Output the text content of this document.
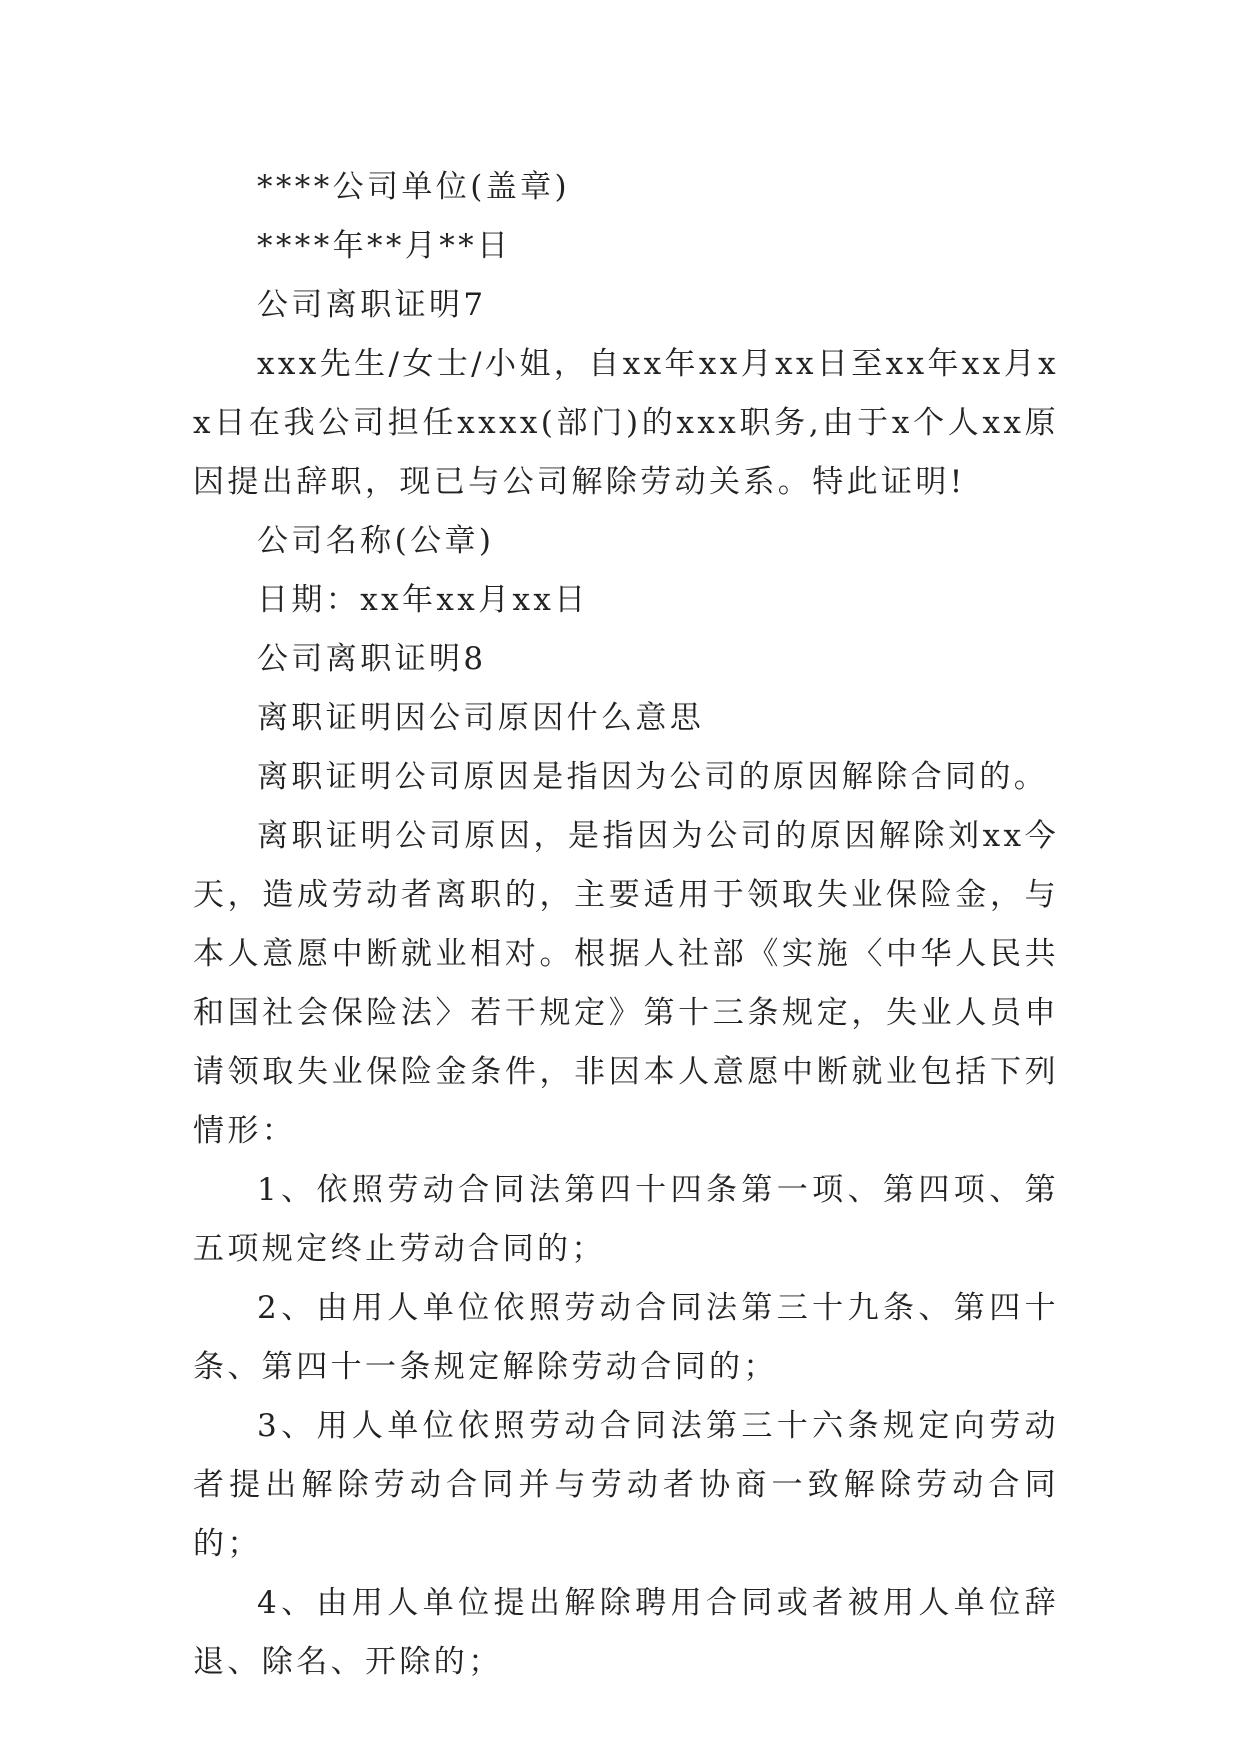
****公司单位(盖章)

****年**月**日

公司离职证明7

xxx先生/女士/小姐，自xx年xx月xx日至xx年xx月xx日在我公司担任xxxx(部门)的xxx职务,由于x个人xx原因提出辞职，现已与公司解除劳动关系。特此证明!

公司名称(公章)

日期：xx年xx月xx日

公司离职证明8

离职证明因公司原因什么意思

离职证明公司原因是指因为公司的原因解除合同的。

离职证明公司原因，是指因为公司的原因解除刘xx今天，造成劳动者离职的，主要适用于领取失业保险金，与本人意愿中断就业相对。根据人社部《实施〈中华人民共和国社会保险法〉若干规定》第十三条规定，失业人员申请领取失业保险金条件，非因本人意愿中断就业包括下列情形：

1、依照劳动合同法第四十四条第一项、第四项、第五项规定终止劳动合同的；

2、由用人单位依照劳动合同法第三十九条、第四十条、第四十一条规定解除劳动合同的；

3、用人单位依照劳动合同法第三十六条规定向劳动者提出解除劳动合同并与劳动者协商一致解除劳动合同的；

4、由用人单位提出解除聘用合同或者被用人单位辞退、除名、开除的；
